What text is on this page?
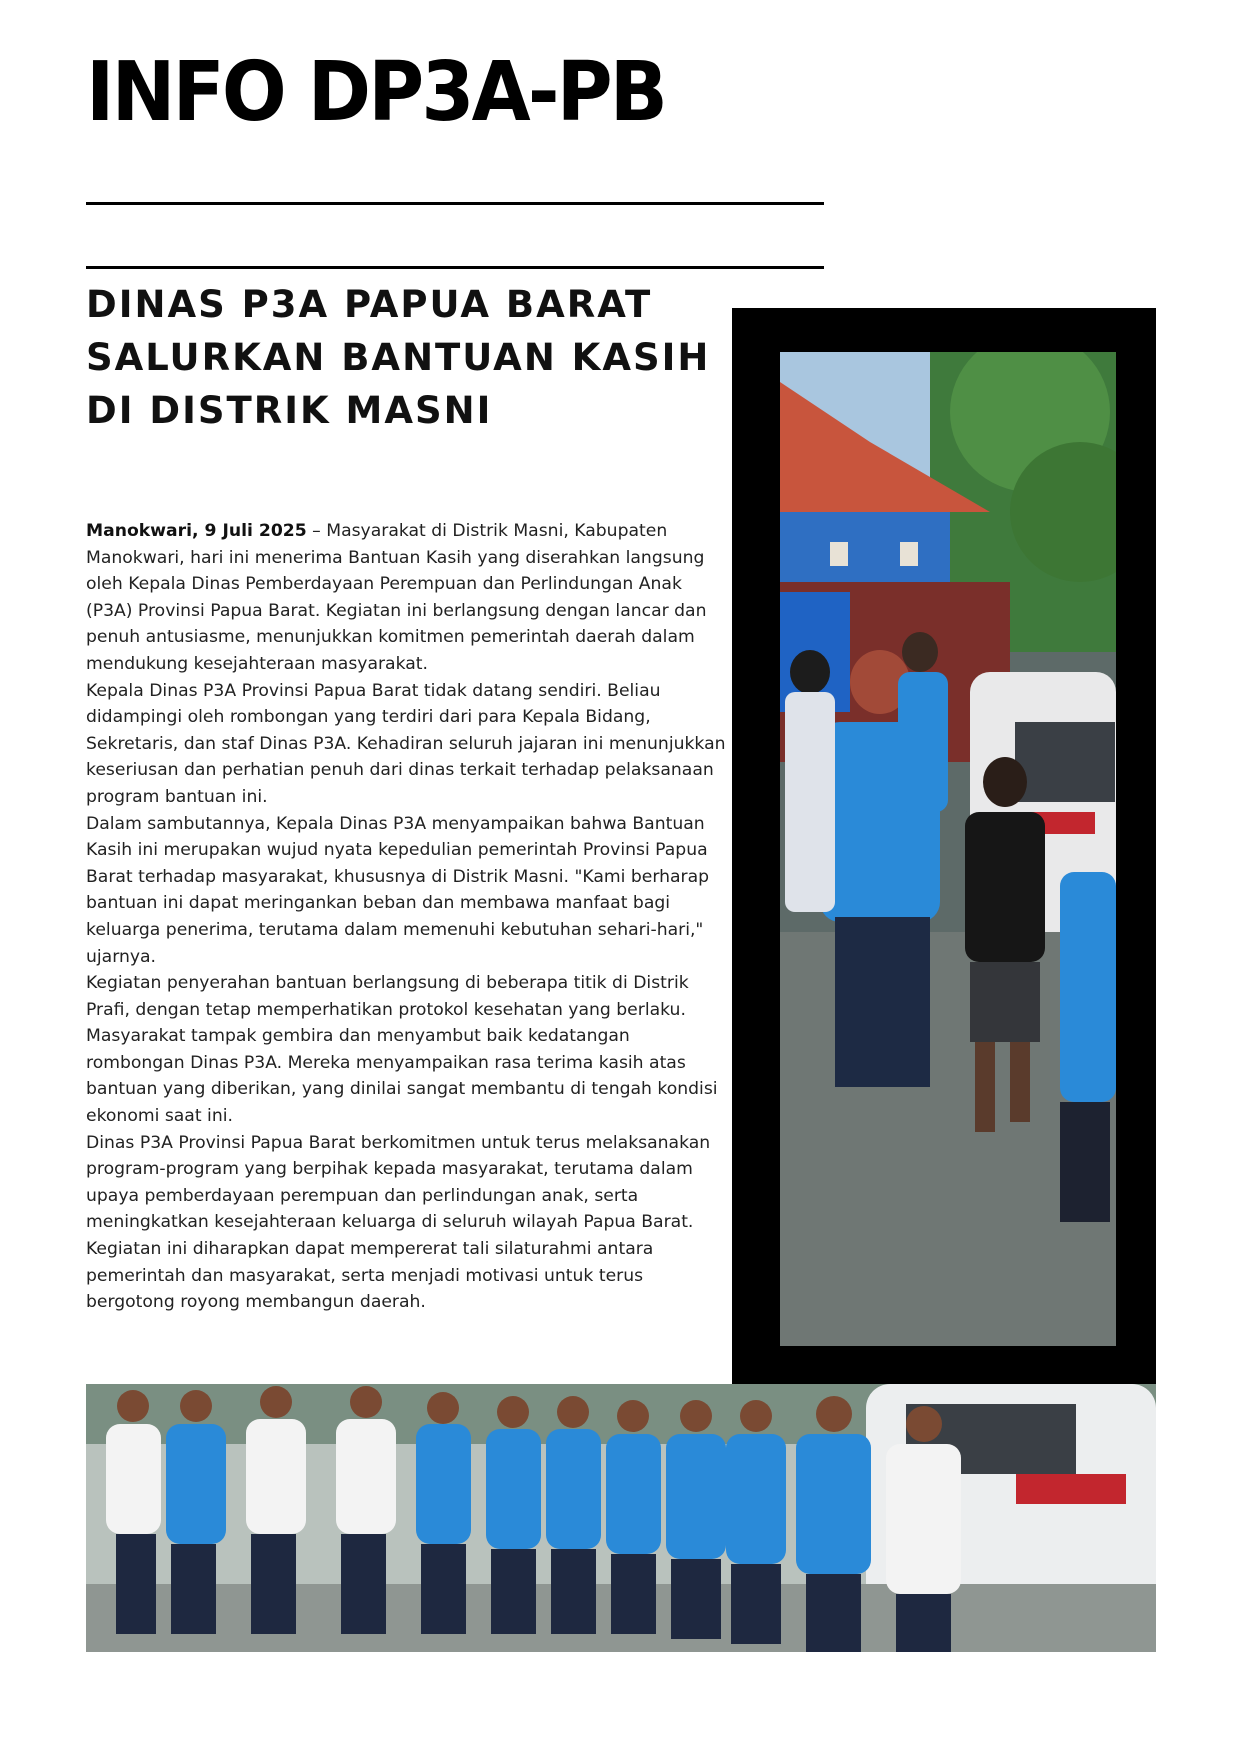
INFO DP3A-PB
DINAS P3A PAPUA BARAT
SALURKAN BANTUAN KASIH
DI DISTRIK MASNI

Manokwari, 9 Juli 2025 – Masyarakat di Distrik Masni, Kabupaten Manokwari, hari ini menerima Bantuan Kasih yang diserahkan langsung oleh Kepala Dinas Pemberdayaan Perempuan dan Perlindungan Anak (P3A) Provinsi Papua Barat. Kegiatan ini berlangsung dengan lancar dan penuh antusiasme, menunjukkan komitmen pemerintah daerah dalam mendukung kesejahteraan masyarakat.

Kepala Dinas P3A Provinsi Papua Barat tidak datang sendiri. Beliau didampingi oleh rombongan yang terdiri dari para Kepala Bidang, Sekretaris, dan staf Dinas P3A. Kehadiran seluruh jajaran ini menunjukkan keseriusan dan perhatian penuh dari dinas terkait terhadap pelaksanaan program bantuan ini.

Dalam sambutannya, Kepala Dinas P3A menyampaikan bahwa Bantuan Kasih ini merupakan wujud nyata kepedulian pemerintah Provinsi Papua Barat terhadap masyarakat, khususnya di Distrik Masni. "Kami berharap bantuan ini dapat meringankan beban dan membawa manfaat bagi keluarga penerima, terutama dalam memenuhi kebutuhan sehari-hari," ujarnya.

Kegiatan penyerahan bantuan berlangsung di beberapa titik di Distrik Prafi, dengan tetap memperhatikan protokol kesehatan yang berlaku. Masyarakat tampak gembira dan menyambut baik kedatangan rombongan Dinas P3A. Mereka menyampaikan rasa terima kasih atas bantuan yang diberikan, yang dinilai sangat membantu di tengah kondisi ekonomi saat ini.

Dinas P3A Provinsi Papua Barat berkomitmen untuk terus melaksanakan program-program yang berpihak kepada masyarakat, terutama dalam upaya pemberdayaan perempuan dan perlindungan anak, serta meningkatkan kesejahteraan keluarga di seluruh wilayah Papua Barat. Kegiatan ini diharapkan dapat mempererat tali silaturahmi antara pemerintah dan masyarakat, serta menjadi motivasi untuk terus bergotong royong membangun daerah.
